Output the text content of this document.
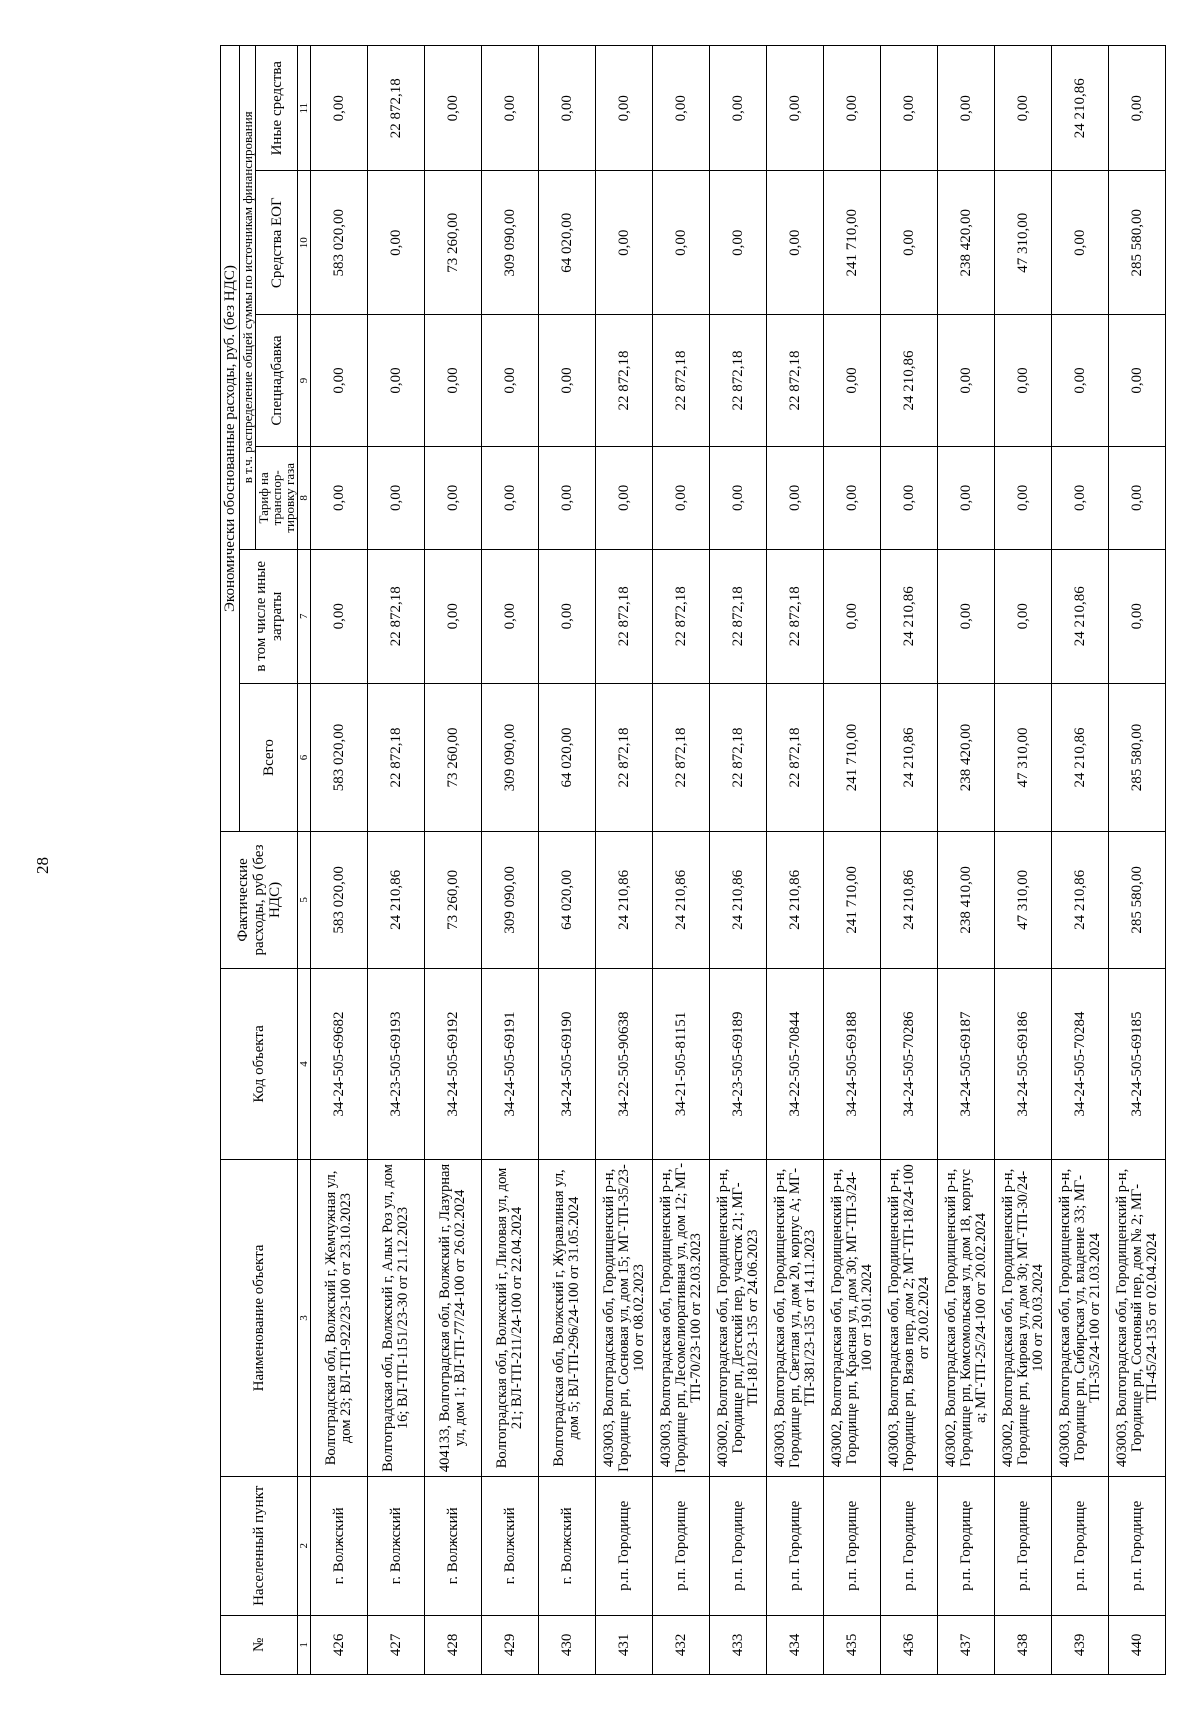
28
№	Населенный пункт	Наименование объекта	Код объекта	Фактические расходы, руб (без НДС)	Экономически обоснованные расходы, руб. (без НДС)					
					Всего	в том числе иные затраты	в т.ч. распределение общей суммы по источникам финансирования			
							Тариф на транспор-тировку газа	Спецнадбавка	Средства ЕОГ	Иные средства
1	2	3	4	5	6	7	8	9	10	11
426	г. Волжский	Волгоградская обл, Волжский г, Жемчужная ул, дом 23; ВЛ-ТП-922/23-100 от 23.10.2023	34-24-505-69682	583 020,00	583 020,00	0,00	0,00	0,00	583 020,00	0,00
427	г. Волжский	Волгоградская обл, Волжский г, Алых Роз ул, дом 16; ВЛ-ТП-1151/23-30 от 21.12.2023	34-23-505-69193	24 210,86	22 872,18	22 872,18	0,00	0,00	0,00	22 872,18
428	г. Волжский	404133, Волгоградская обл, Волжский г, Лазурная ул, дом 1; ВЛ-ТП-77/24-100 от 26.02.2024	34-24-505-69192	73 260,00	73 260,00	0,00	0,00	0,00	73 260,00	0,00
429	г. Волжский	Волгоградская обл, Волжский г, Лиловая ул, дом 21; ВЛ-ТП-211/24-100 от 22.04.2024	34-24-505-69191	309 090,00	309 090,00	0,00	0,00	0,00	309 090,00	0,00
430	г. Волжский	Волгоградская обл, Волжский г, Журавлиная ул, дом 5; ВЛ-ТП-296/24-100 от 31.05.2024	34-24-505-69190	64 020,00	64 020,00	0,00	0,00	0,00	64 020,00	0,00
431	р.п. Городище	403003, Волгоградская обл, Городищенский р-н, Городище рп, Сосновая ул, дом 15; МГ-ТП-35/23-100 от 08.02.2023	34-22-505-90638	24 210,86	22 872,18	22 872,18	0,00	22 872,18	0,00	0,00
432	р.п. Городище	403003, Волгоградская обл, Городищенский р-н, Городище рп, Лесомелиоративная ул, дом 12; МГ-ТП-70/23-100 от 22.03.2023	34-21-505-81151	24 210,86	22 872,18	22 872,18	0,00	22 872,18	0,00	0,00
433	р.п. Городище	403002, Волгоградская обл, Городищенский р-н, Городище рп, Детский пер, участок 21; МГ-ТП-181/23-135 от 24.06.2023	34-23-505-69189	24 210,86	22 872,18	22 872,18	0,00	22 872,18	0,00	0,00
434	р.п. Городище	403003, Волгоградская обл, Городищенский р-н, Городище рп, Светлая ул, дом 20, корпус А; МГ-ТП-381/23-135 от 14.11.2023	34-22-505-70844	24 210,86	22 872,18	22 872,18	0,00	22 872,18	0,00	0,00
435	р.п. Городище	403002, Волгоградская обл, Городищенский р-н, Городище рп, Красная ул, дом 30; МГ-ТП-3/24-100 от 19.01.2024	34-24-505-69188	241 710,00	241 710,00	0,00	0,00	0,00	241 710,00	0,00
436	р.п. Городище	403003, Волгоградская обл, Городищенский р-н, Городище рп, Вязов пер, дом 2; МГ-ТП-18/24-100 от 20.02.2024	34-24-505-70286	24 210,86	24 210,86	24 210,86	0,00	24 210,86	0,00	0,00
437	р.п. Городище	403002, Волгоградская обл, Городищенский р-н, Городище рп, Комсомольская ул, дом 18, корпус а; МГ-ТП-25/24-100 от 20.02.2024	34-24-505-69187	238 410,00	238 420,00	0,00	0,00	0,00	238 420,00	0,00
438	р.п. Городище	403002, Волгоградская обл, Городищенский р-н, Городище рп, Кирова ул, дом 30; МГ-ТП-30/24-100 от 20.03.2024	34-24-505-69186	47 310,00	47 310,00	0,00	0,00	0,00	47 310,00	0,00
439	р.п. Городище	403003, Волгоградская обл, Городищенский р-н, Городище рп, Сибирская ул, владение 33; МГ-ТП-35/24-100 от 21.03.2024	34-24-505-70284	24 210,86	24 210,86	24 210,86	0,00	0,00	0,00	24 210,86
440	р.п. Городище	403003, Волгоградская обл, Городищенский р-н, Городище рп, Сосновый пер, дом № 2; МГ-ТП-45/24-135 от 02.04.2024	34-24-505-69185	285 580,00	285 580,00	0,00	0,00	0,00	285 580,00	0,00
